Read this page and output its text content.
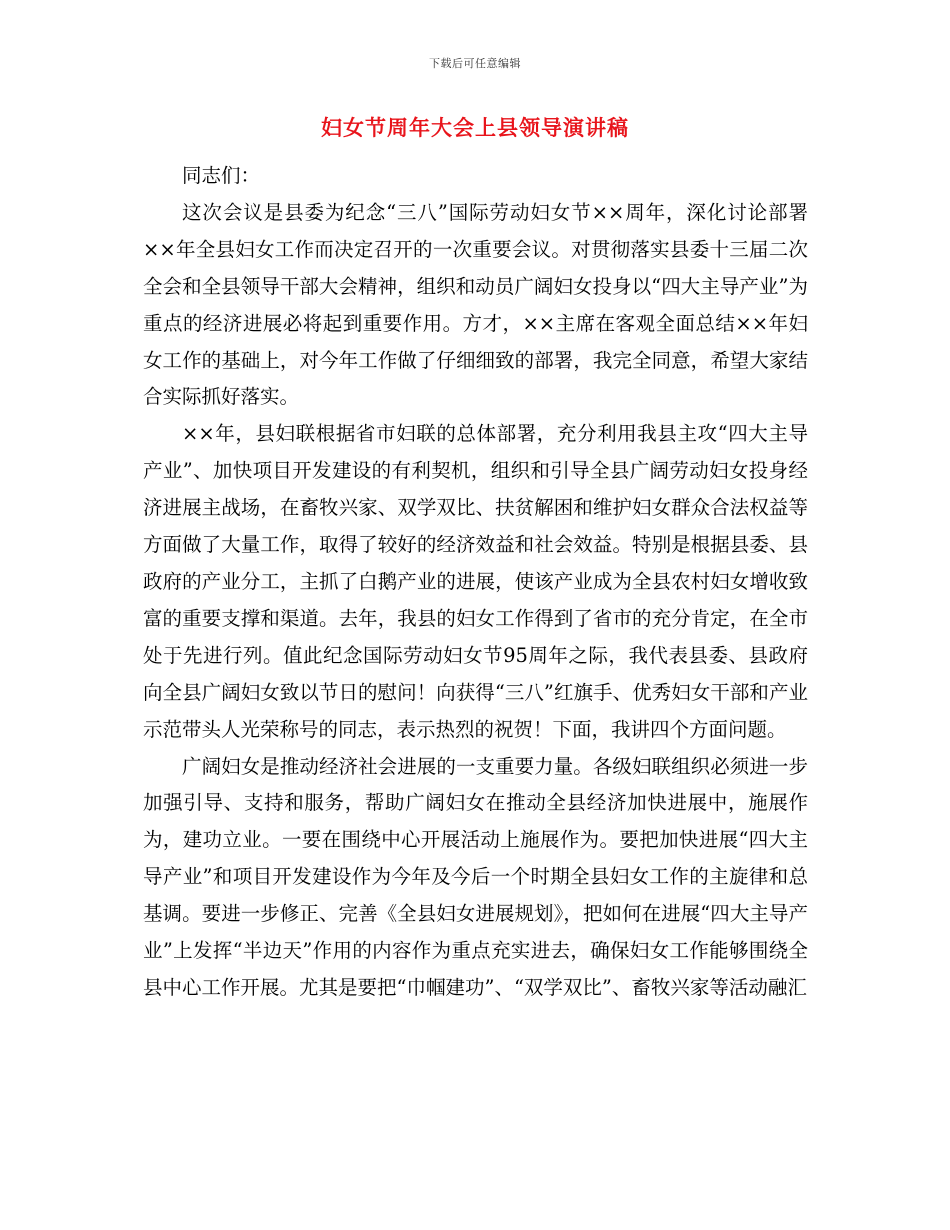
下载后可任意编辑
妇女节周年大会上县领导演讲稿

同志们：

这次会议是县委为纪念“三八”国际劳动妇女节××周年，深化讨论部署××年全县妇女工作而决定召开的一次重要会议。对贯彻落实县委十三届二次全会和全县领导干部大会精神，组织和动员广阔妇女投身以“四大主导产业”为重点的经济进展必将起到重要作用。方才，××主席在客观全面总结××年妇女工作的基础上，对今年工作做了仔细细致的部署，我完全同意，希望大家结合实际抓好落实。

××年，县妇联根据省市妇联的总体部署，充分利用我县主攻“四大主导产业”、加快项目开发建设的有利契机，组织和引导全县广阔劳动妇女投身经济进展主战场，在畜牧兴家、双学双比、扶贫解困和维护妇女群众合法权益等方面做了大量工作，取得了较好的经济效益和社会效益。特别是根据县委、县政府的产业分工，主抓了白鹅产业的进展，使该产业成为全县农村妇女增收致富的重要支撑和渠道。去年，我县的妇女工作得到了省市的充分肯定，在全市处于先进行列。值此纪念国际劳动妇女节95周年之际，我代表县委、县政府向全县广阔妇女致以节日的慰问！向获得“三八”红旗手、优秀妇女干部和产业示范带头人光荣称号的同志，表示热烈的祝贺！下面，我讲四个方面问题。

广阔妇女是推动经济社会进展的一支重要力量。各级妇联组织必须进一步加强引导、支持和服务，帮助广阔妇女在推动全县经济加快进展中，施展作为，建功立业。一要在围绕中心开展活动上施展作为。要把加快进展“四大主导产业”和项目开发建设作为今年及今后一个时期全县妇女工作的主旋律和总基调。要进一步修正、完善《全县妇女进展规划》，把如何在进展“四大主导产业”上发挥“半边天”作用的内容作为重点充实进去，确保妇女工作能够围绕全县中心工作开展。尤其是要把“巾帼建功”、“双学双比”、畜牧兴家等活动融汇
